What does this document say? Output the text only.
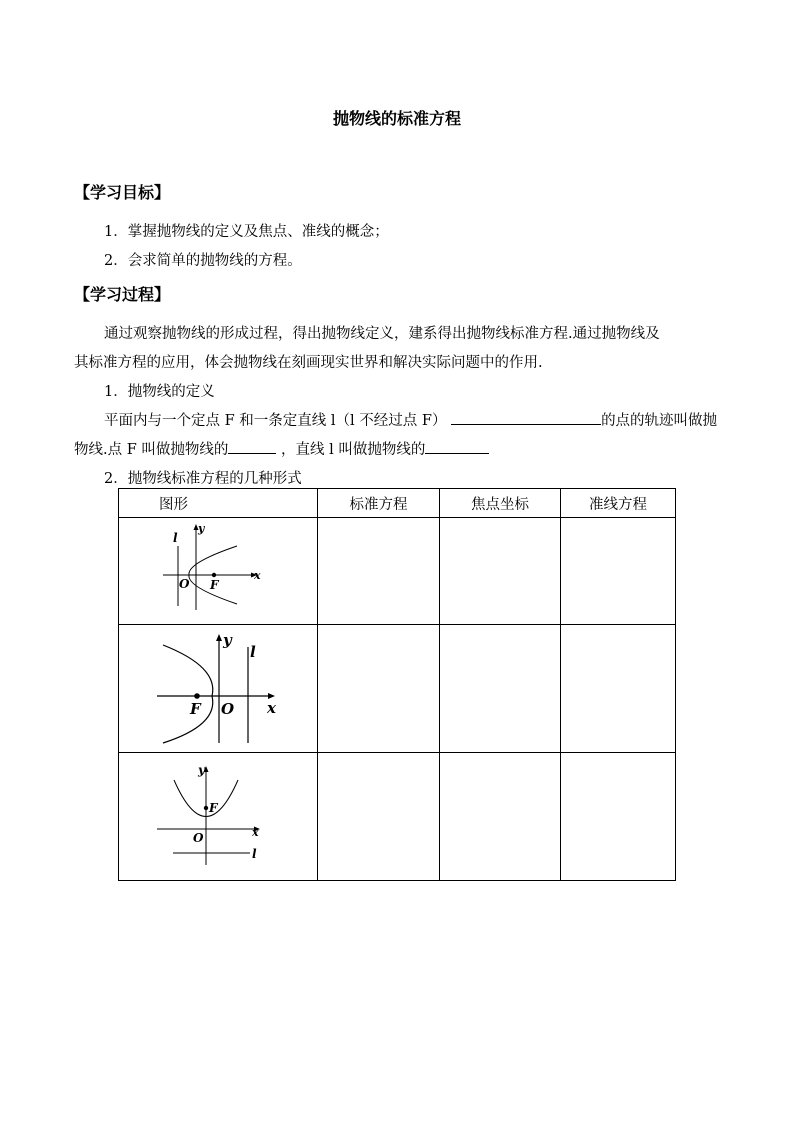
抛物线的标准方程
【学习目标】
1．掌握抛物线的定义及焦点、准线的概念；
2．会求简单的抛物线的方程。
【学习过程】
通过观察抛物线的形成过程，得出抛物线定义，建系得出抛物线标准方程.通过抛物线及
其标准方程的应用，体会抛物线在刻画现实世界和解决实际问题中的作用.
1．抛物线的定义
平面内与一个定点 F 和一条定直线 l（l 不经过点 F）	的点的轨迹叫做抛
物线.点 F 叫做抛物线的	，直线 l 叫做抛物线的
2．抛物线标准方程的几种形式
图形	标准方程	焦点坐标	准线方程

l
y
O F
x			

y
l
F O x			

y
F
O x
l			
